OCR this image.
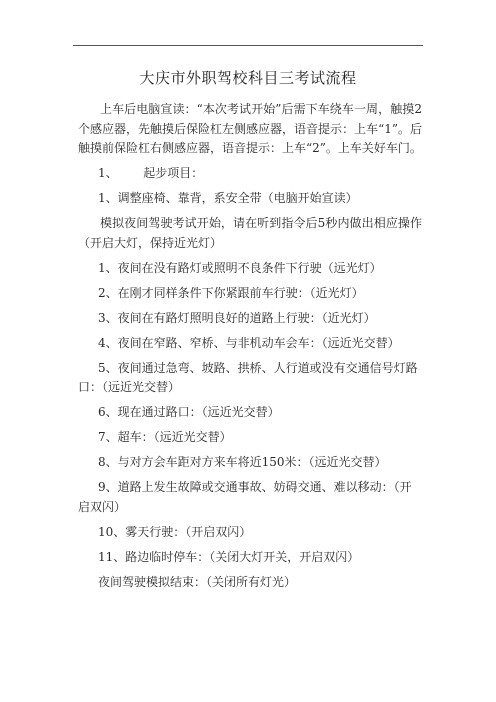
大庆市外职驾校科目三考试流程

上车后电脑宣读：“本次考试开始”后需下车绕车一周，触摸2个感应器，先触摸后保险杠左侧感应器，语音提示：上车“1”。后触摸前保险杠右侧感应器，语音提示：上车“2”。上车关好车门。

1、 起步项目：

1、调整座椅、靠背，系安全带（电脑开始宣读）

模拟夜间驾驶考试开始，请在听到指令后5秒内做出相应操作（开启大灯，保持近光灯）

1、夜间在没有路灯或照明不良条件下行驶（远光灯）

2、在刚才同样条件下你紧跟前车行驶：（近光灯）

3、夜间在有路灯照明良好的道路上行驶：（近光灯）

4、夜间在窄路、窄桥、与非机动车会车：（远近光交替）

5、夜间通过急弯、坡路、拱桥、人行道或没有交通信号灯路口：（远近光交替）

6、现在通过路口：（远近光交替）

7、超车：（远近光交替）

8、与对方会车距对方来车将近150米：（远近光交替）

9、道路上发生故障或交通事故、妨碍交通、难以移动：（开启双闪）

10、雾天行驶：（开启双闪）

11、路边临时停车：（关闭大灯开关，开启双闪）

夜间驾驶模拟结束：（关闭所有灯光）
